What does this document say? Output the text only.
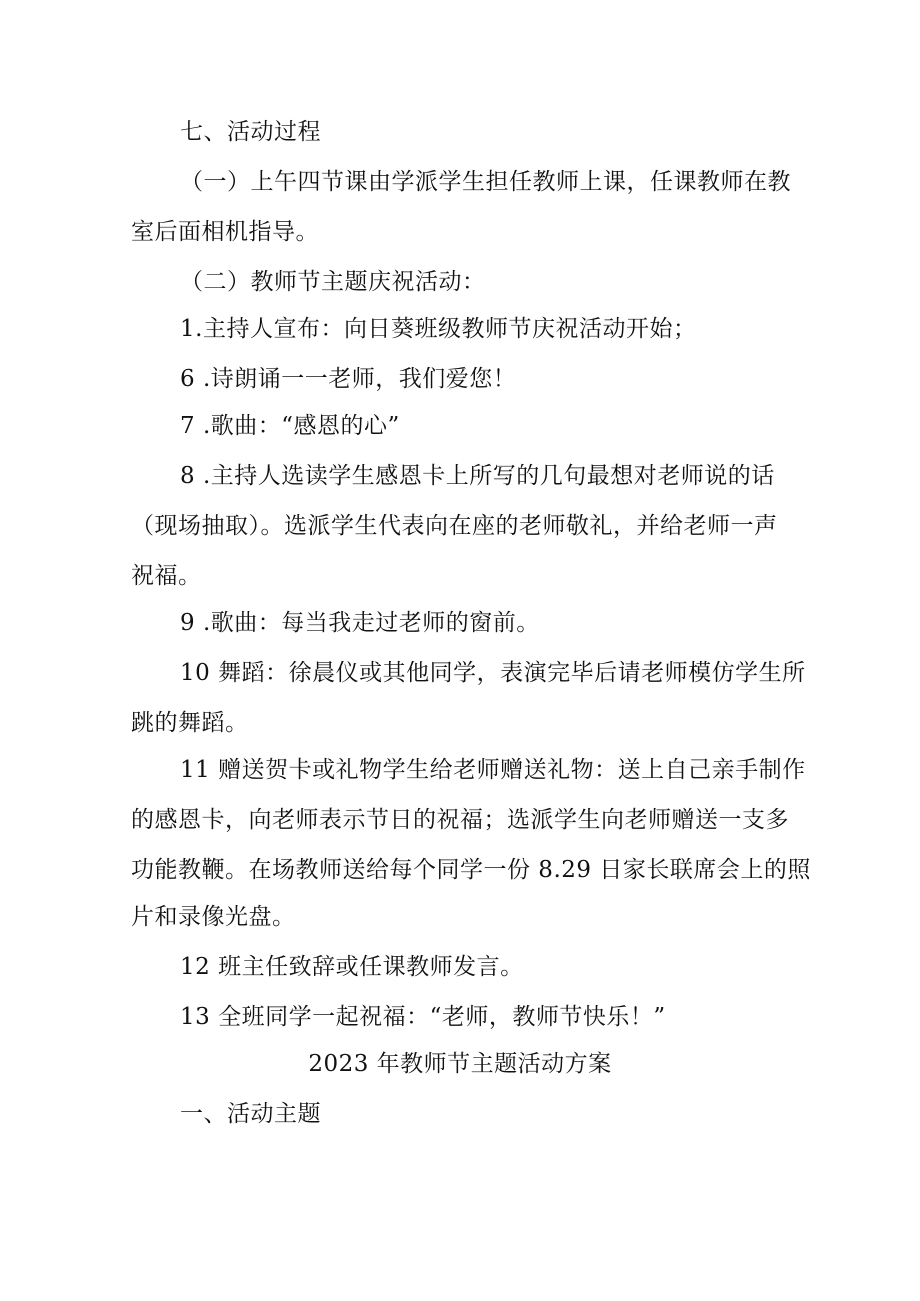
七、活动过程
（一）上午四节课由学派学生担任教师上课，任课教师在教
室后面相机指导。
（二）教师节主题庆祝活动：
1.主持人宣布：向日葵班级教师节庆祝活动开始；
6 .诗朗诵一一老师，我们爱您！
7 .歌曲：“感恩的心”
8 .主持人选读学生感恩卡上所写的几句最想对老师说的话
（现场抽取）。选派学生代表向在座的老师敬礼，并给老师一声
祝福。
9 .歌曲：每当我走过老师的窗前。
10 舞蹈：徐晨仪或其他同学，表演完毕后请老师模仿学生所
跳的舞蹈。
11 赠送贺卡或礼物学生给老师赠送礼物：送上自己亲手制作
的感恩卡，向老师表示节日的祝福；选派学生向老师赠送一支多
功能教鞭。在场教师送给每个同学一份 8.29 日家长联席会上的照
片和录像光盘。
12 班主任致辞或任课教师发言。
13 全班同学一起祝福：“老师，教师节快乐！”
2023 年教师节主题活动方案
一、活动主题
